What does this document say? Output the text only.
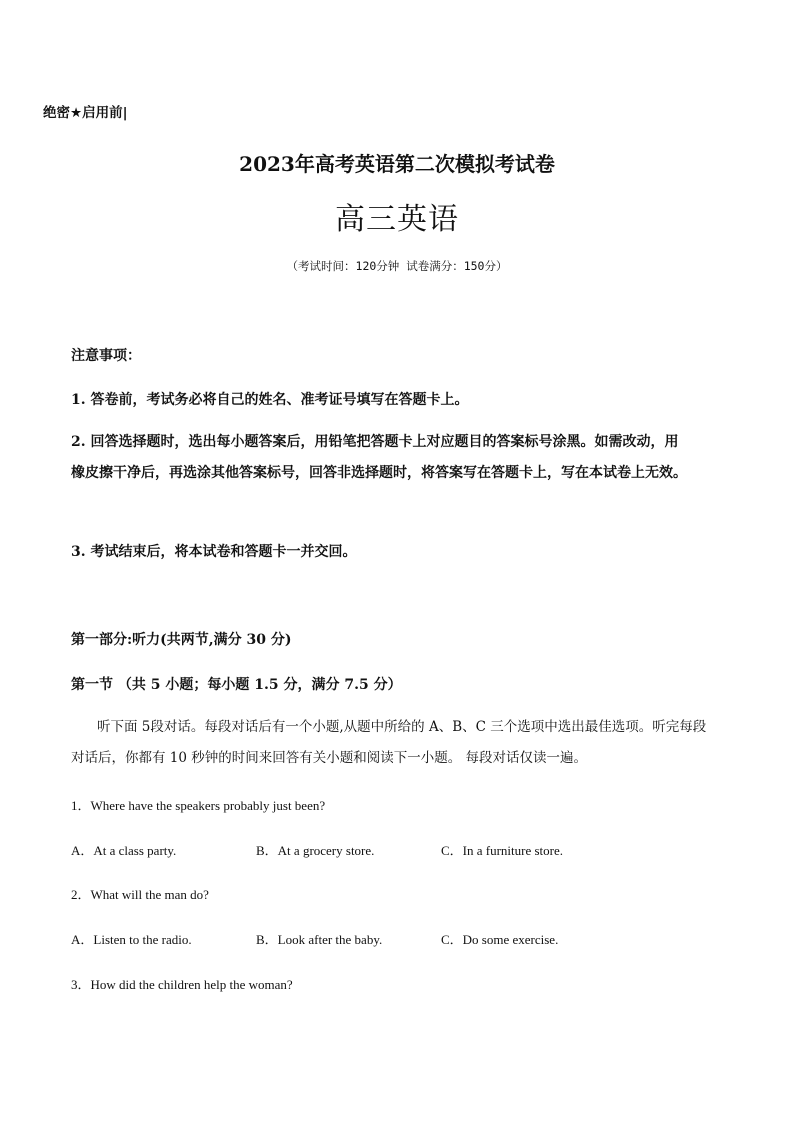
绝密★启用前|
2023年高考英语第二次模拟考试卷
高三英语
（考试时间：120分钟 试卷满分：150分）
注意事项：
1. 答卷前，考试务必将自己的姓名、准考证号填写在答题卡上。
2. 回答选择题时，选出每小题答案后，用铅笔把答题卡上对应题目的答案标号涂黑。如需改动，用橡皮擦干净后，再选涂其他答案标号，回答非选择题时，将答案写在答题卡上，写在本试卷上无效。
3. 考试结束后，将本试卷和答题卡一并交回。
第一部分:听力(共两节,满分 30 分)
第一节 （共 5 小题；每小题 1.5 分，满分 7.5 分）
听下面 5段对话。每段对话后有一个小题,从题中所给的 A、B、C 三个选项中选出最佳选项。听完每段对话后，你都有 10 秒钟的时间来回答有关小题和阅读下一小题。 每段对话仅读一遍。
1．Where have the speakers probably just been?
A．At a class party.	B．At a grocery store.	C．In a furniture store.
2．What will the man do?
A．Listen to the radio.	B．Look after the baby.	C．Do some exercise.
3．How did the children help the woman?
